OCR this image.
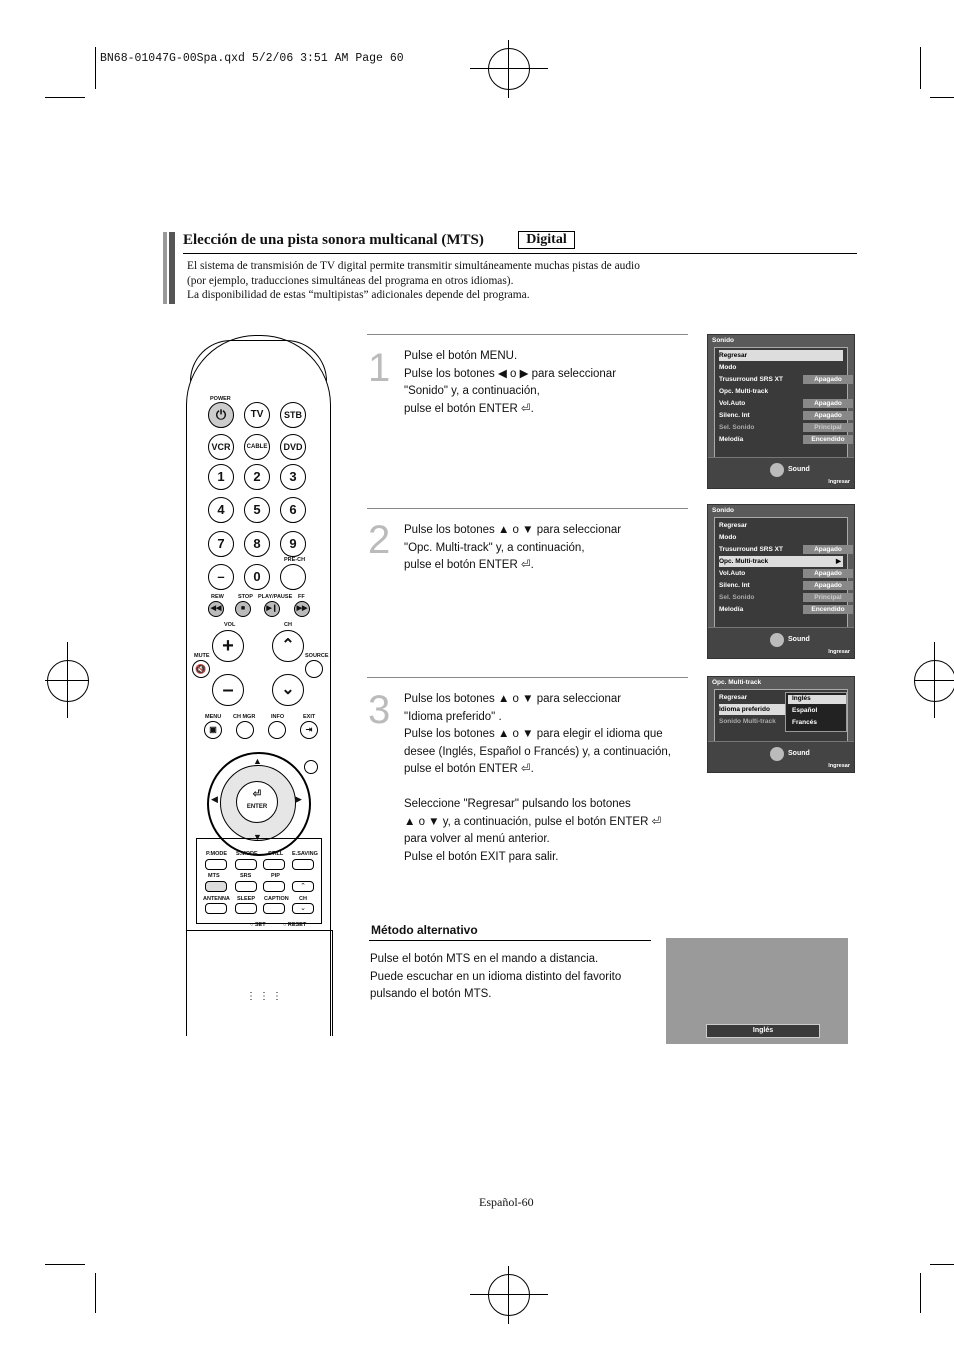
BN68-01047G-00Spa.qxd 5/2/06 3:51 AM Page 60
Elección de una pista sonora multicanal (MTS)	Digital
El sistema de transmisión de TV digital permite transmitir simultáneamente muchas pistas de audio
(por ejemplo, traducciones simultáneas del programa en otros idiomas).
La disponibilidad de estas “multipistas” adicionales depende del programa.
POWER
⏻	TV	STB
VCR	CABLE	DVD
1	2	3
4	5	6
7	8	9
–	0
PRE-CH
REW	STOP PLAY/PAUSE FF
◀◀	■	▶❙	▶▶
VOL	CH
+	⌃
MUTE
🔇
SOURCE
–	⌄
MENU CH MGR	INFO	EXIT
▣	⇥
▲
▼
◀	▶
⏎
ENTER
P.MODE S.MODE STILL E.SAVING
MTS	SRS	PIP
⌃
ANTENNA SLEEP CAPTION CH
⌄
○ SET	○ RESET
⋮⋮⋮
1 Pulse el botón MENU.
Pulse los botones ◀ o ▶ para seleccionar
"Sonido" y, a continuación,
pulse el botón ENTER ⏎.
2 Pulse los botones ▲ o ▼ para seleccionar
"Opc. Multi-track" y, a continuación,
pulse el botón ENTER ⏎.
3 Pulse los botones ▲ o ▼ para seleccionar
"Idioma preferido" .
Pulse los botones ▲ o ▼ para elegir el idioma que
desee (Inglés, Español o Francés) y, a continuación,
pulse el botón ENTER ⏎.
Seleccione "Regresar" pulsando los botones
▲ o ▼ y, a continuación, pulse el botón ENTER ⏎
para volver al menú anterior.
Pulse el botón EXIT para salir.
Sonido
Regresar
Modo
Trusurround SRS XT	Apagado
Opc. Multi-track
Vol.Auto	Apagado
Silenc. Int	Apagado
Sel. Sonido	Principal
Melodía	Encendido
Sound
Ingresar
Sonido
Regresar
Modo
Trusurround SRS XT	Apagado
Opc. Multi-track	▶
Vol.Auto	Apagado
Silenc. Int	Apagado
Sel. Sonido	Principal
Melodía	Encendido
Sound
Ingresar
Opc. Multi-track
Regresar
Idioma preferido
Sonido Multi-track
Inglés
Español
Francés
Sound
Ingresar
Método alternativo
Pulse el botón MTS en el mando a distancia.
Puede escuchar en un idioma distinto del favorito
pulsando el botón MTS.
Inglés
Español-60
